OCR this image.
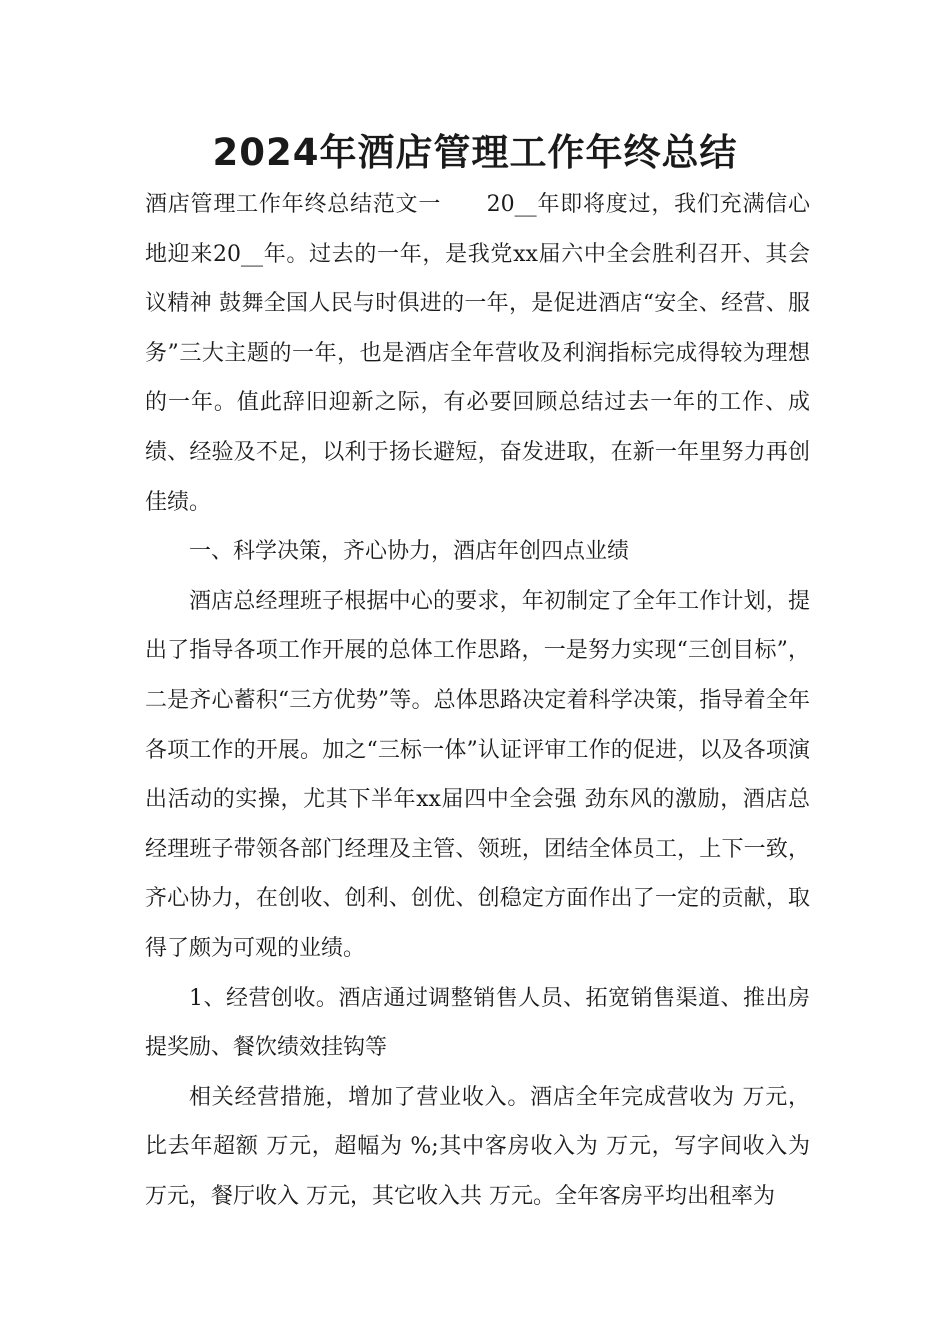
2024年酒店管理工作年终总结

酒店管理工作年终总结范文一　　20__年即将度过，我们充满信心地迎来20__年。过去的一年，是我党xx届六中全会胜利召开、其会议精神 鼓舞全国人民与时俱进的一年，是促进酒店“安全、经营、服务”三大主题的一年，也是酒店全年营收及利润指标完成得较为理想的一年。值此辞旧迎新之际，有必要回顾总结过去一年的工作、成绩、经验及不足，以利于扬长避短，奋发进取，在新一年里努力再创佳绩。

一、科学决策，齐心协力，酒店年创四点业绩

酒店总经理班子根据中心的要求，年初制定了全年工作计划，提出了指导各项工作开展的总体工作思路，一是努力实现“三创目标”，二是齐心蓄积“三方优势”等。总体思路决定着科学决策，指导着全年各项工作的开展。加之“三标一体”认证评审工作的促进，以及各项演出活动的实操，尤其下半年xx届四中全会强 劲东风的激励，酒店总经理班子带领各部门经理及主管、领班，团结全体员工，上下一致，齐心协力，在创收、创利、创优、创稳定方面作出了一定的贡献，取得了颇为可观的业绩。

1、经营创收。酒店通过调整销售人员、拓宽销售渠道、推出房提奖励、餐饮绩效挂钩等

相关经营措施，增加了营业收入。酒店全年完成营收为 万元，比去年超额 万元，超幅为 %;其中客房收入为 万元，写字间收入为万元，餐厅收入 万元，其它收入共 万元。全年客房平均出租率为
